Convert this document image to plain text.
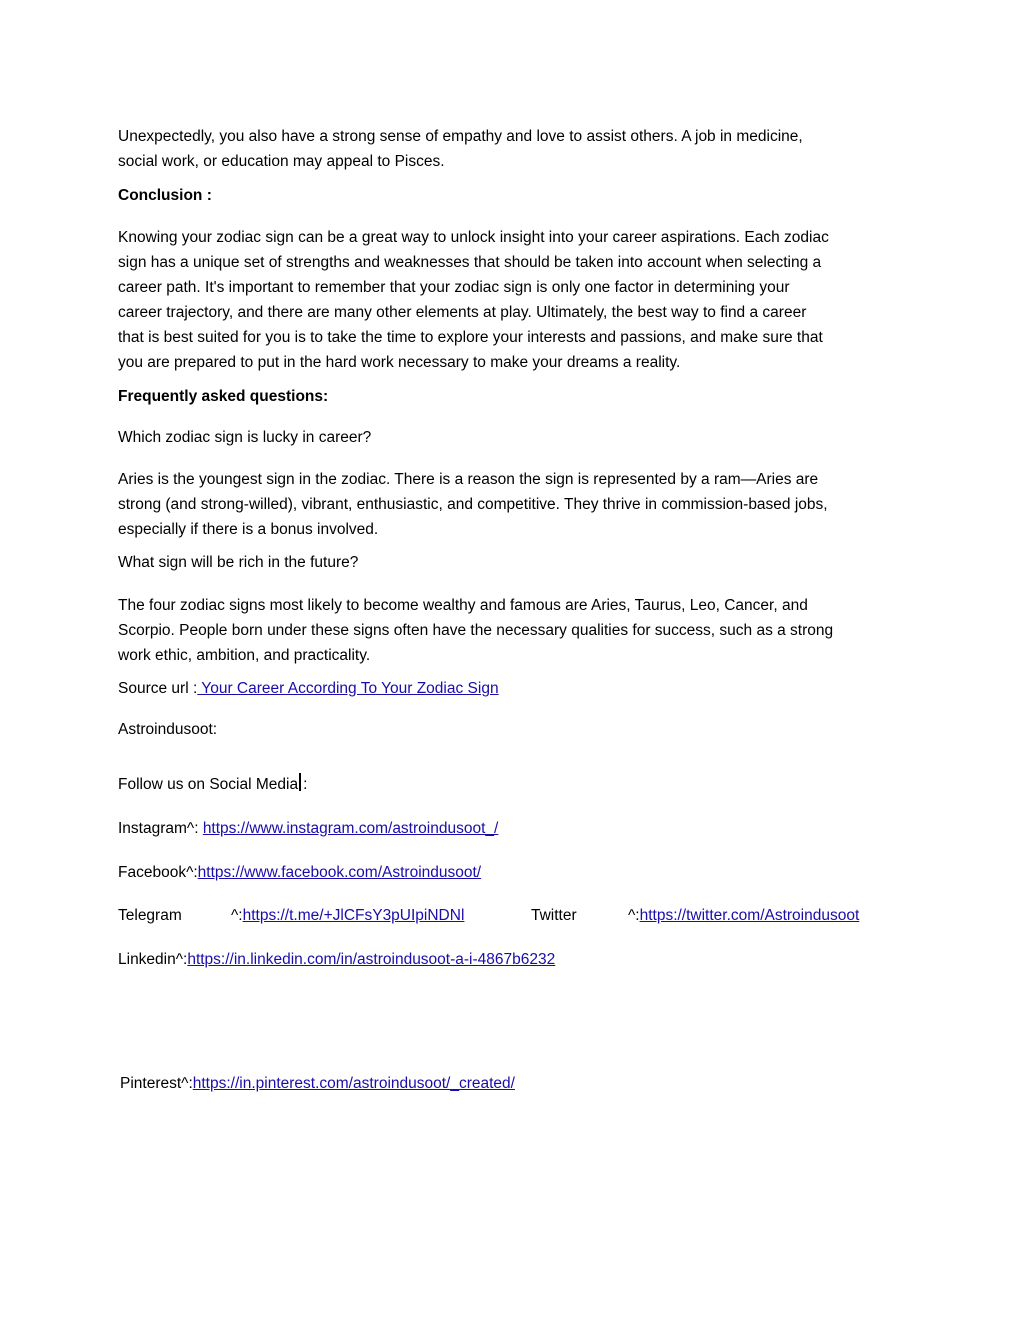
Unexpectedly, you also have a strong sense of empathy and love to assist others. A job in medicine,
social work, or education may appeal to Pisces.
Conclusion :
Knowing your zodiac sign can be a great way to unlock insight into your career aspirations. Each zodiac
sign has a unique set of strengths and weaknesses that should be taken into account when selecting a
career path. It's important to remember that your zodiac sign is only one factor in determining your
career trajectory, and there are many other elements at play. Ultimately, the best way to find a career
that is best suited for you is to take the time to explore your interests and passions, and make sure that
you are prepared to put in the hard work necessary to make your dreams a reality.
Frequently asked questions:
Which zodiac sign is lucky in career?
Aries is the youngest sign in the zodiac. There is a reason the sign is represented by a ram—Aries are
strong (and strong-willed), vibrant, enthusiastic, and competitive. They thrive in commission-based jobs,
especially if there is a bonus involved.
What sign will be rich in the future?
The four zodiac signs most likely to become wealthy and famous are Aries, Taurus, Leo, Cancer, and
Scorpio. People born under these signs often have the necessary qualities for success, such as a strong
work ethic, ambition, and practicality.
Source url : Your Career According To Your Zodiac Sign
Astroindusoot:
Follow us on Social Media :
Instagram^: https://www.instagram.com/astroindusoot_/
Facebook^:https://www.facebook.com/Astroindusoot/
Telegram	^:https://t.me/+JlCFsY3pUIpiNDNl	Twitter	^:https://twitter.com/Astroindusoot
Linkedin^:https://in.linkedin.com/in/astroindusoot-a-i-4867b6232
Pinterest^:https://in.pinterest.com/astroindusoot/_created/
